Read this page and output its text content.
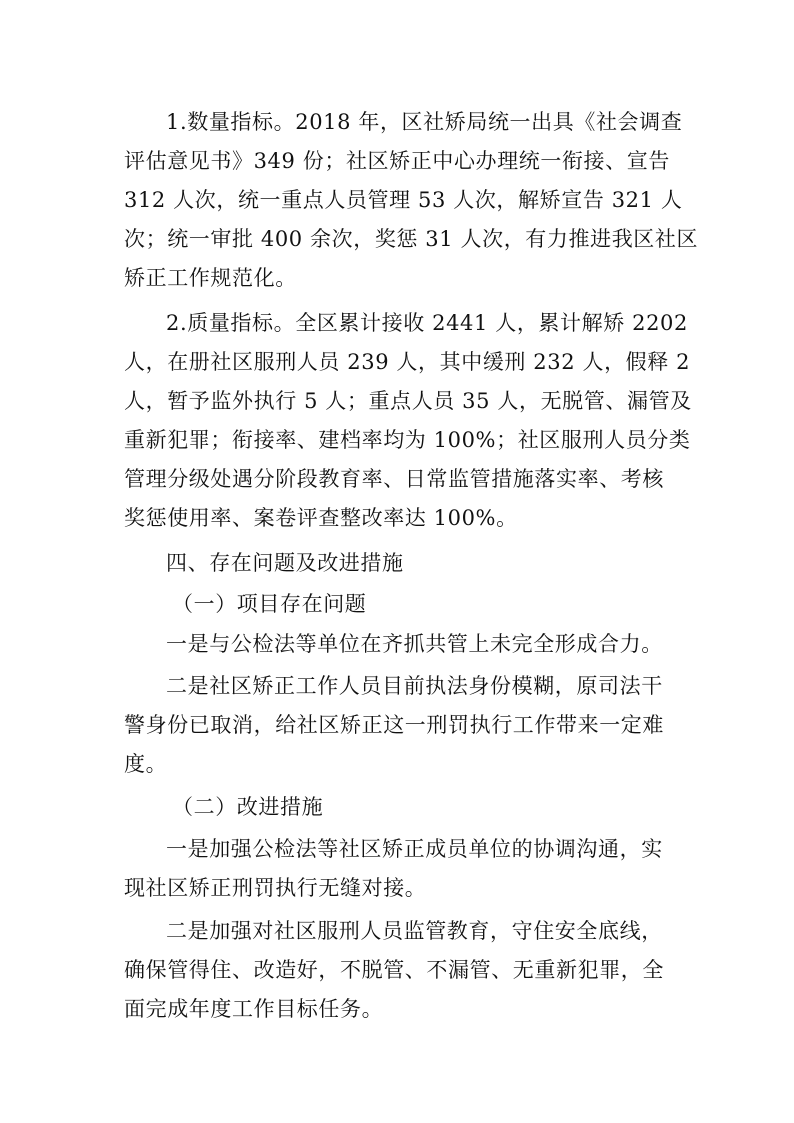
1.数量指标。2018 年，区社矫局统一出具《社会调查
评估意见书》349 份；社区矫正中心办理统一衔接、宣告
312 人次，统一重点人员管理 53 人次，解矫宣告 321 人
次；统一审批 400 余次，奖惩 31 人次，有力推进我区社区
矫正工作规范化。
2.质量指标。全区累计接收 2441 人，累计解矫 2202
人，在册社区服刑人员 239 人，其中缓刑 232 人，假释 2
人，暂予监外执行 5 人；重点人员 35 人，无脱管、漏管及
重新犯罪；衔接率、建档率均为 100%；社区服刑人员分类
管理分级处遇分阶段教育率、日常监管措施落实率、考核
奖惩使用率、案卷评查整改率达 100%。
四、存在问题及改进措施
（一）项目存在问题
一是与公检法等单位在齐抓共管上未完全形成合力。
二是社区矫正工作人员目前执法身份模糊，原司法干
警身份已取消，给社区矫正这一刑罚执行工作带来一定难
度。
（二）改进措施
一是加强公检法等社区矫正成员单位的协调沟通，实
现社区矫正刑罚执行无缝对接。
二是加强对社区服刑人员监管教育，守住安全底线，
确保管得住、改造好，不脱管、不漏管、无重新犯罪，全
面完成年度工作目标任务。
